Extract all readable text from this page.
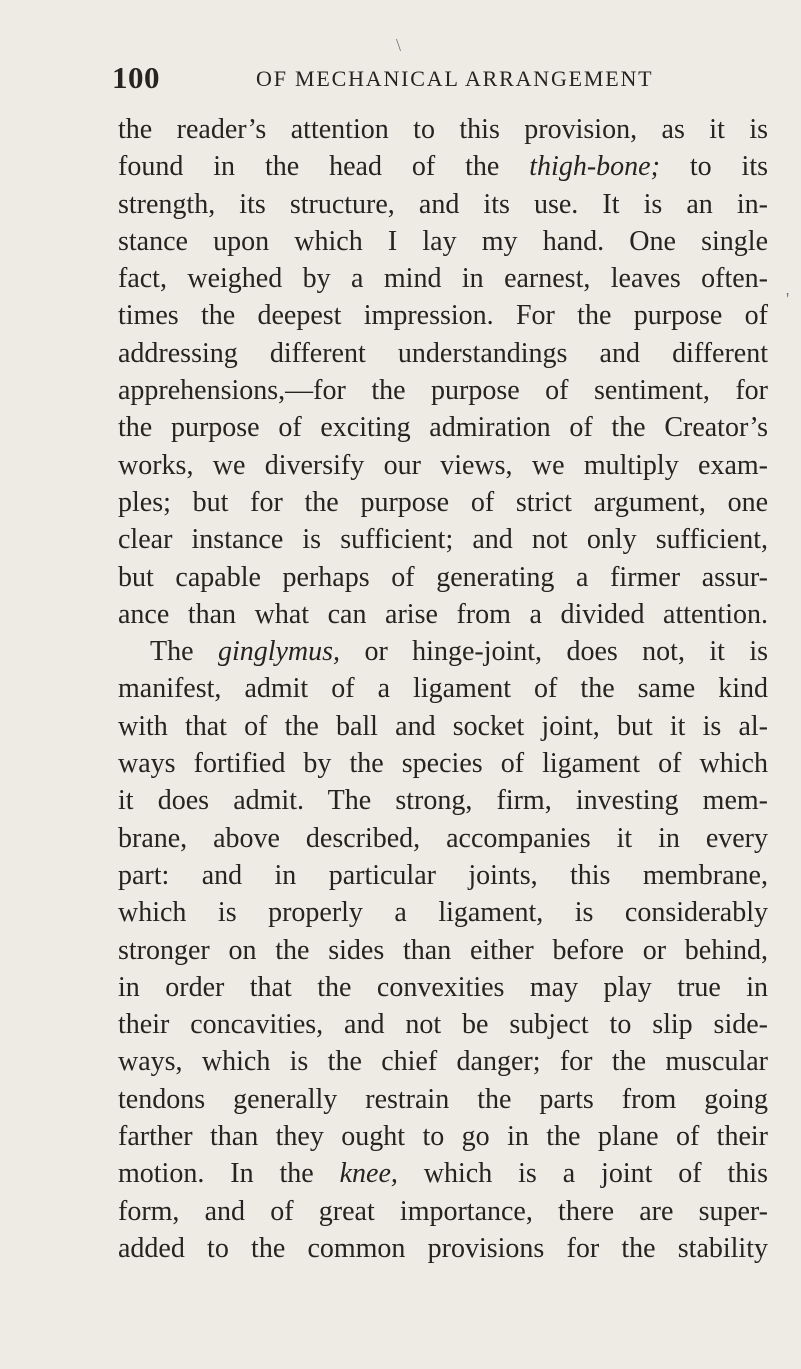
\
'
100	OF MECHANICAL ARRANGEMENT
the reader’s attention to this provision, as it is
found in the head of the thigh-bone; to its
strength, its structure, and its use. It is an in-
stance upon which I lay my hand. One single
fact, weighed by a mind in earnest, leaves often-
times the deepest impression. For the purpose of
addressing different understandings and different
apprehensions,—for the purpose of sentiment, for
the purpose of exciting admiration of the Creator’s
works, we diversify our views, we multiply exam-
ples; but for the purpose of strict argument, one
clear instance is sufficient; and not only sufficient,
but capable perhaps of generating a firmer assur-
ance than what can arise from a divided attention.
The ginglymus, or hinge-joint, does not, it is
manifest, admit of a ligament of the same kind
with that of the ball and socket joint, but it is al-
ways fortified by the species of ligament of which
it does admit. The strong, firm, investing mem-
brane, above described, accompanies it in every
part: and in particular joints, this membrane,
which is properly a ligament, is considerably
stronger on the sides than either before or behind,
in order that the convexities may play true in
their concavities, and not be subject to slip side-
ways, which is the chief danger; for the muscular
tendons generally restrain the parts from going
farther than they ought to go in the plane of their
motion. In the knee, which is a joint of this
form, and of great importance, there are super-
added to the common provisions for the stability
